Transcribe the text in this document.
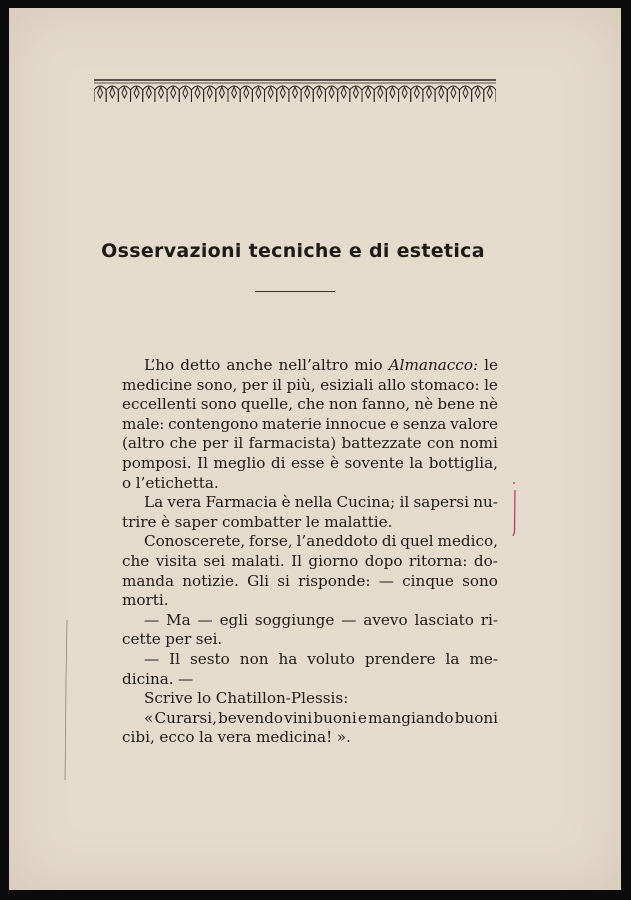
Osservazioni tecniche e di estetica
L’ho detto anche nell’altro mio Almanacco: le
medicine sono, per il più, esiziali allo stomaco: le
eccellenti sono quelle, che non fanno, nè bene nè
male: contengono materie innocue e senza valore
(altro che per il farmacista) battezzate con nomi
pomposi. Il meglio di esse è sovente la bottiglia,
o l’etichetta.
La vera Farmacia è nella Cucina; il sapersi nu-
trire è saper combatter le malattie.
Conoscerete, forse, l’aneddoto di quel medico,
che visita sei malati. Il giorno dopo ritorna: do-
manda notizie. Gli si risponde: — cinque sono
morti.
— Ma — egli soggiunge — avevo lasciato ri-
cette per sei.
— Il sesto non ha voluto prendere la me-
dicina. —
Scrive lo Chatillon-Plessis:
« Curarsi, bevendo vini buoni e mangiando buoni
cibi, ecco la vera medicina! ».
